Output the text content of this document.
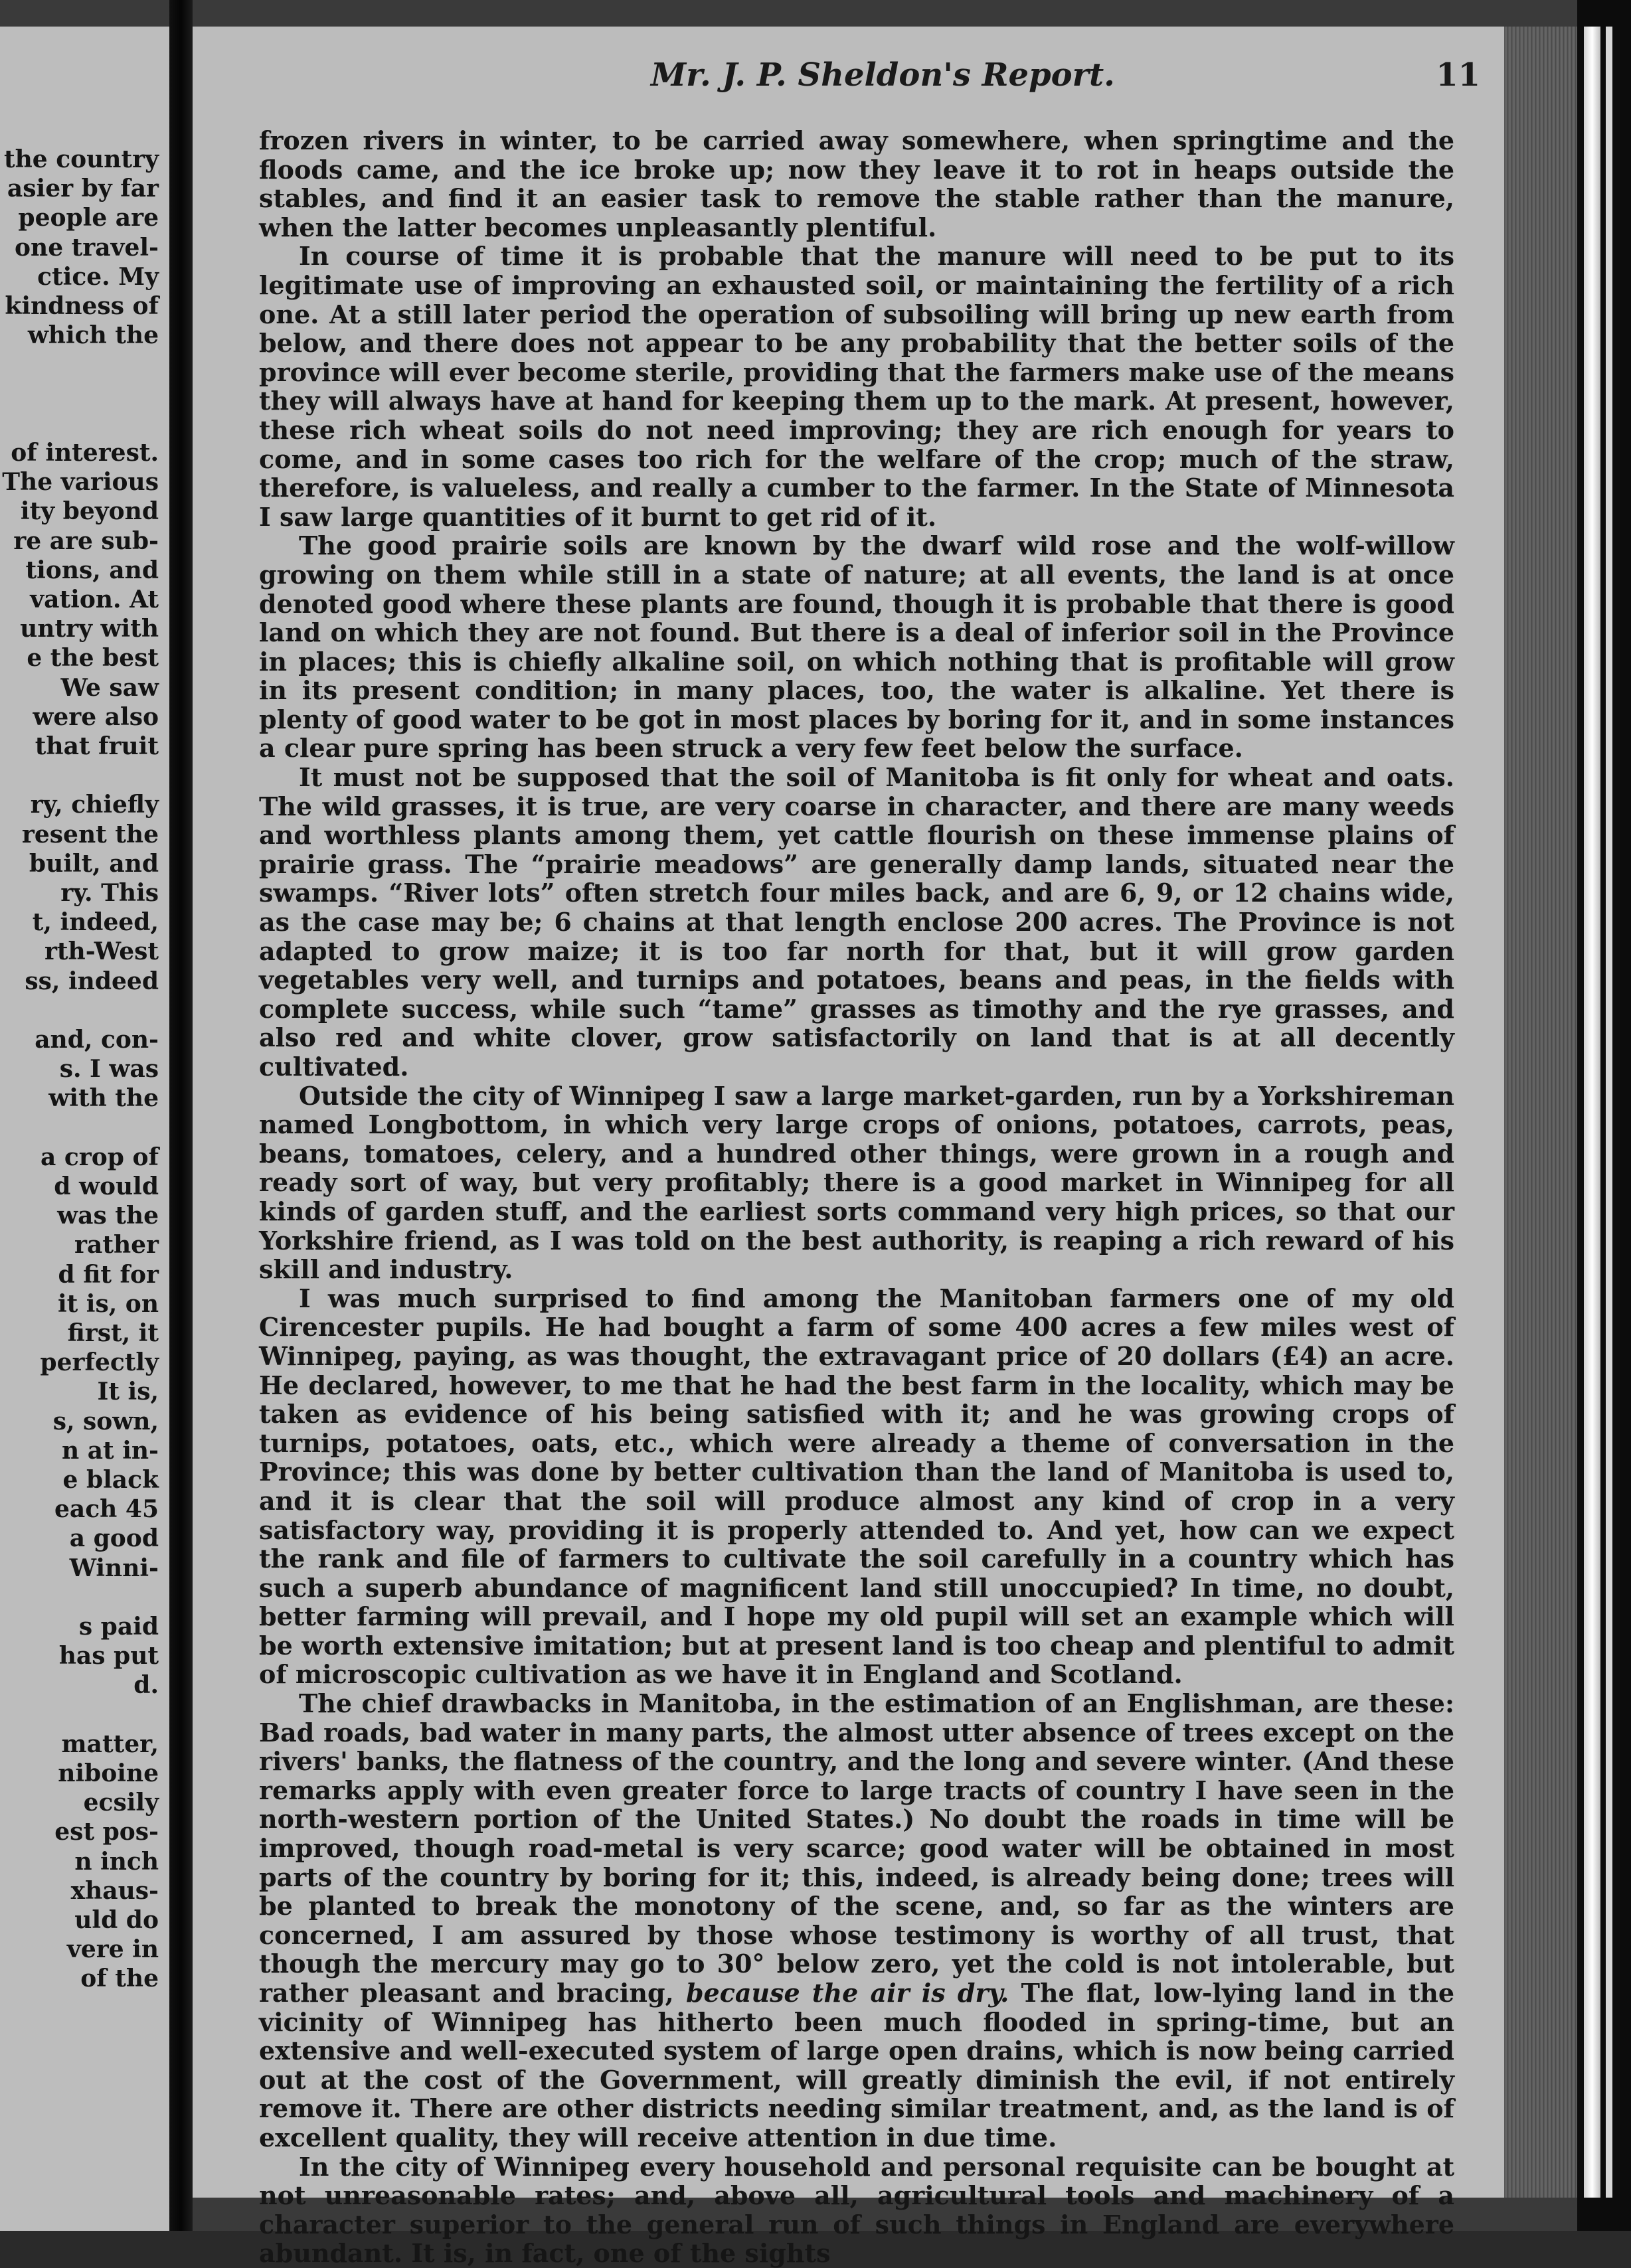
the country
asier by far
people are
one travel-
ctice. My
kindness of
which the
of interest.
The various
ity beyond
re are sub-
tions, and
vation. At
untry with
e the best
We saw
were also
that fruit
ry, chiefly
resent the
built, and
ry. This
t, indeed,
rth-West
ss, indeed
and, con-
s. I was
with the
a crop of
d would
was the
rather
d fit for
it is, on
first, it
perfectly
It is,
s, sown,
n at in-
e black
each 45
a good
Winni-
s paid
has put
d.
matter,
niboine
ecsily
est pos-
n inch
xhaus-
uld do
vere in
of the
Mr. J. P. Sheldon's Report.	11

frozen rivers in winter, to be carried away somewhere, when springtime and the floods came, and the ice broke up; now they leave it to rot in heaps outside the stables, and find it an easier task to remove the stable rather than the manure, when the latter becomes unpleasantly plentiful.

In course of time it is probable that the manure will need to be put to its legitimate use of improving an exhausted soil, or maintaining the fertility of a rich one. At a still later period the operation of subsoiling will bring up new earth from below, and there does not appear to be any probability that the better soils of the province will ever become sterile, providing that the farmers make use of the means they will always have at hand for keeping them up to the mark. At present, however, these rich wheat soils do not need improving; they are rich enough for years to come, and in some cases too rich for the welfare of the crop; much of the straw, therefore, is valueless, and really a cumber to the farmer. In the State of Minnesota I saw large quantities of it burnt to get rid of it.

The good prairie soils are known by the dwarf wild rose and the wolf-willow growing on them while still in a state of nature; at all events, the land is at once denoted good where these plants are found, though it is probable that there is good land on which they are not found. But there is a deal of inferior soil in the Province in places; this is chiefly alkaline soil, on which nothing that is profitable will grow in its present condition; in many places, too, the water is alkaline. Yet there is plenty of good water to be got in most places by boring for it, and in some instances a clear pure spring has been struck a very few feet below the surface.

It must not be supposed that the soil of Manitoba is fit only for wheat and oats. The wild grasses, it is true, are very coarse in character, and there are many weeds and worthless plants among them, yet cattle flourish on these immense plains of prairie grass. The “prairie meadows” are generally damp lands, situated near the swamps. “River lots” often stretch four miles back, and are 6, 9, or 12 chains wide, as the case may be; 6 chains at that length enclose 200 acres. The Province is not adapted to grow maize; it is too far north for that, but it will grow garden vegetables very well, and turnips and potatoes, beans and peas, in the fields with complete success, while such “tame” grasses as timothy and the rye grasses, and also red and white clover, grow satisfactorily on land that is at all decently cultivated.

Outside the city of Winnipeg I saw a large market-garden, run by a Yorkshireman named Longbottom, in which very large crops of onions, potatoes, carrots, peas, beans, tomatoes, celery, and a hundred other things, were grown in a rough and ready sort of way, but very profitably; there is a good market in Winnipeg for all kinds of garden stuff, and the earliest sorts command very high prices, so that our Yorkshire friend, as I was told on the best authority, is reaping a rich reward of his skill and industry.

I was much surprised to find among the Manitoban farmers one of my old Cirencester pupils. He had bought a farm of some 400 acres a few miles west of Winnipeg, paying, as was thought, the extravagant price of 20 dollars (£4) an acre. He declared, however, to me that he had the best farm in the locality, which may be taken as evidence of his being satisfied with it; and he was growing crops of turnips, potatoes, oats, etc., which were already a theme of conversation in the Province; this was done by better cultivation than the land of Manitoba is used to, and it is clear that the soil will produce almost any kind of crop in a very satisfactory way, providing it is properly attended to. And yet, how can we expect the rank and file of farmers to cultivate the soil carefully in a country which has such a superb abundance of magnificent land still unoccupied? In time, no doubt, better farming will prevail, and I hope my old pupil will set an example which will be worth extensive imitation; but at present land is too cheap and plentiful to admit of microscopic cultivation as we have it in England and Scotland.

The chief drawbacks in Manitoba, in the estimation of an Englishman, are these: Bad roads, bad water in many parts, the almost utter absence of trees except on the rivers' banks, the flatness of the country, and the long and severe winter. (And these remarks apply with even greater force to large tracts of country I have seen in the north-western portion of the United States.) No doubt the roads in time will be improved, though road-metal is very scarce; good water will be obtained in most parts of the country by boring for it; this, indeed, is already being done; trees will be planted to break the monotony of the scene, and, so far as the winters are concerned, I am assured by those whose testimony is worthy of all trust, that though the mercury may go to 30° below zero, yet the cold is not intolerable, but rather pleasant and bracing, because the air is dry. The flat, low-lying land in the vicinity of Winnipeg has hitherto been much flooded in spring-time, but an extensive and well-executed system of large open drains, which is now being carried out at the cost of the Government, will greatly diminish the evil, if not entirely remove it. There are other districts needing similar treatment, and, as the land is of excellent quality, they will receive attention in due time.

In the city of Winnipeg every household and personal requisite can be bought at not unreasonable rates; and, above all, agricultural tools and machinery of a character superior to the general run of such things in England are everywhere abundant. It is, in fact, one of the sights
